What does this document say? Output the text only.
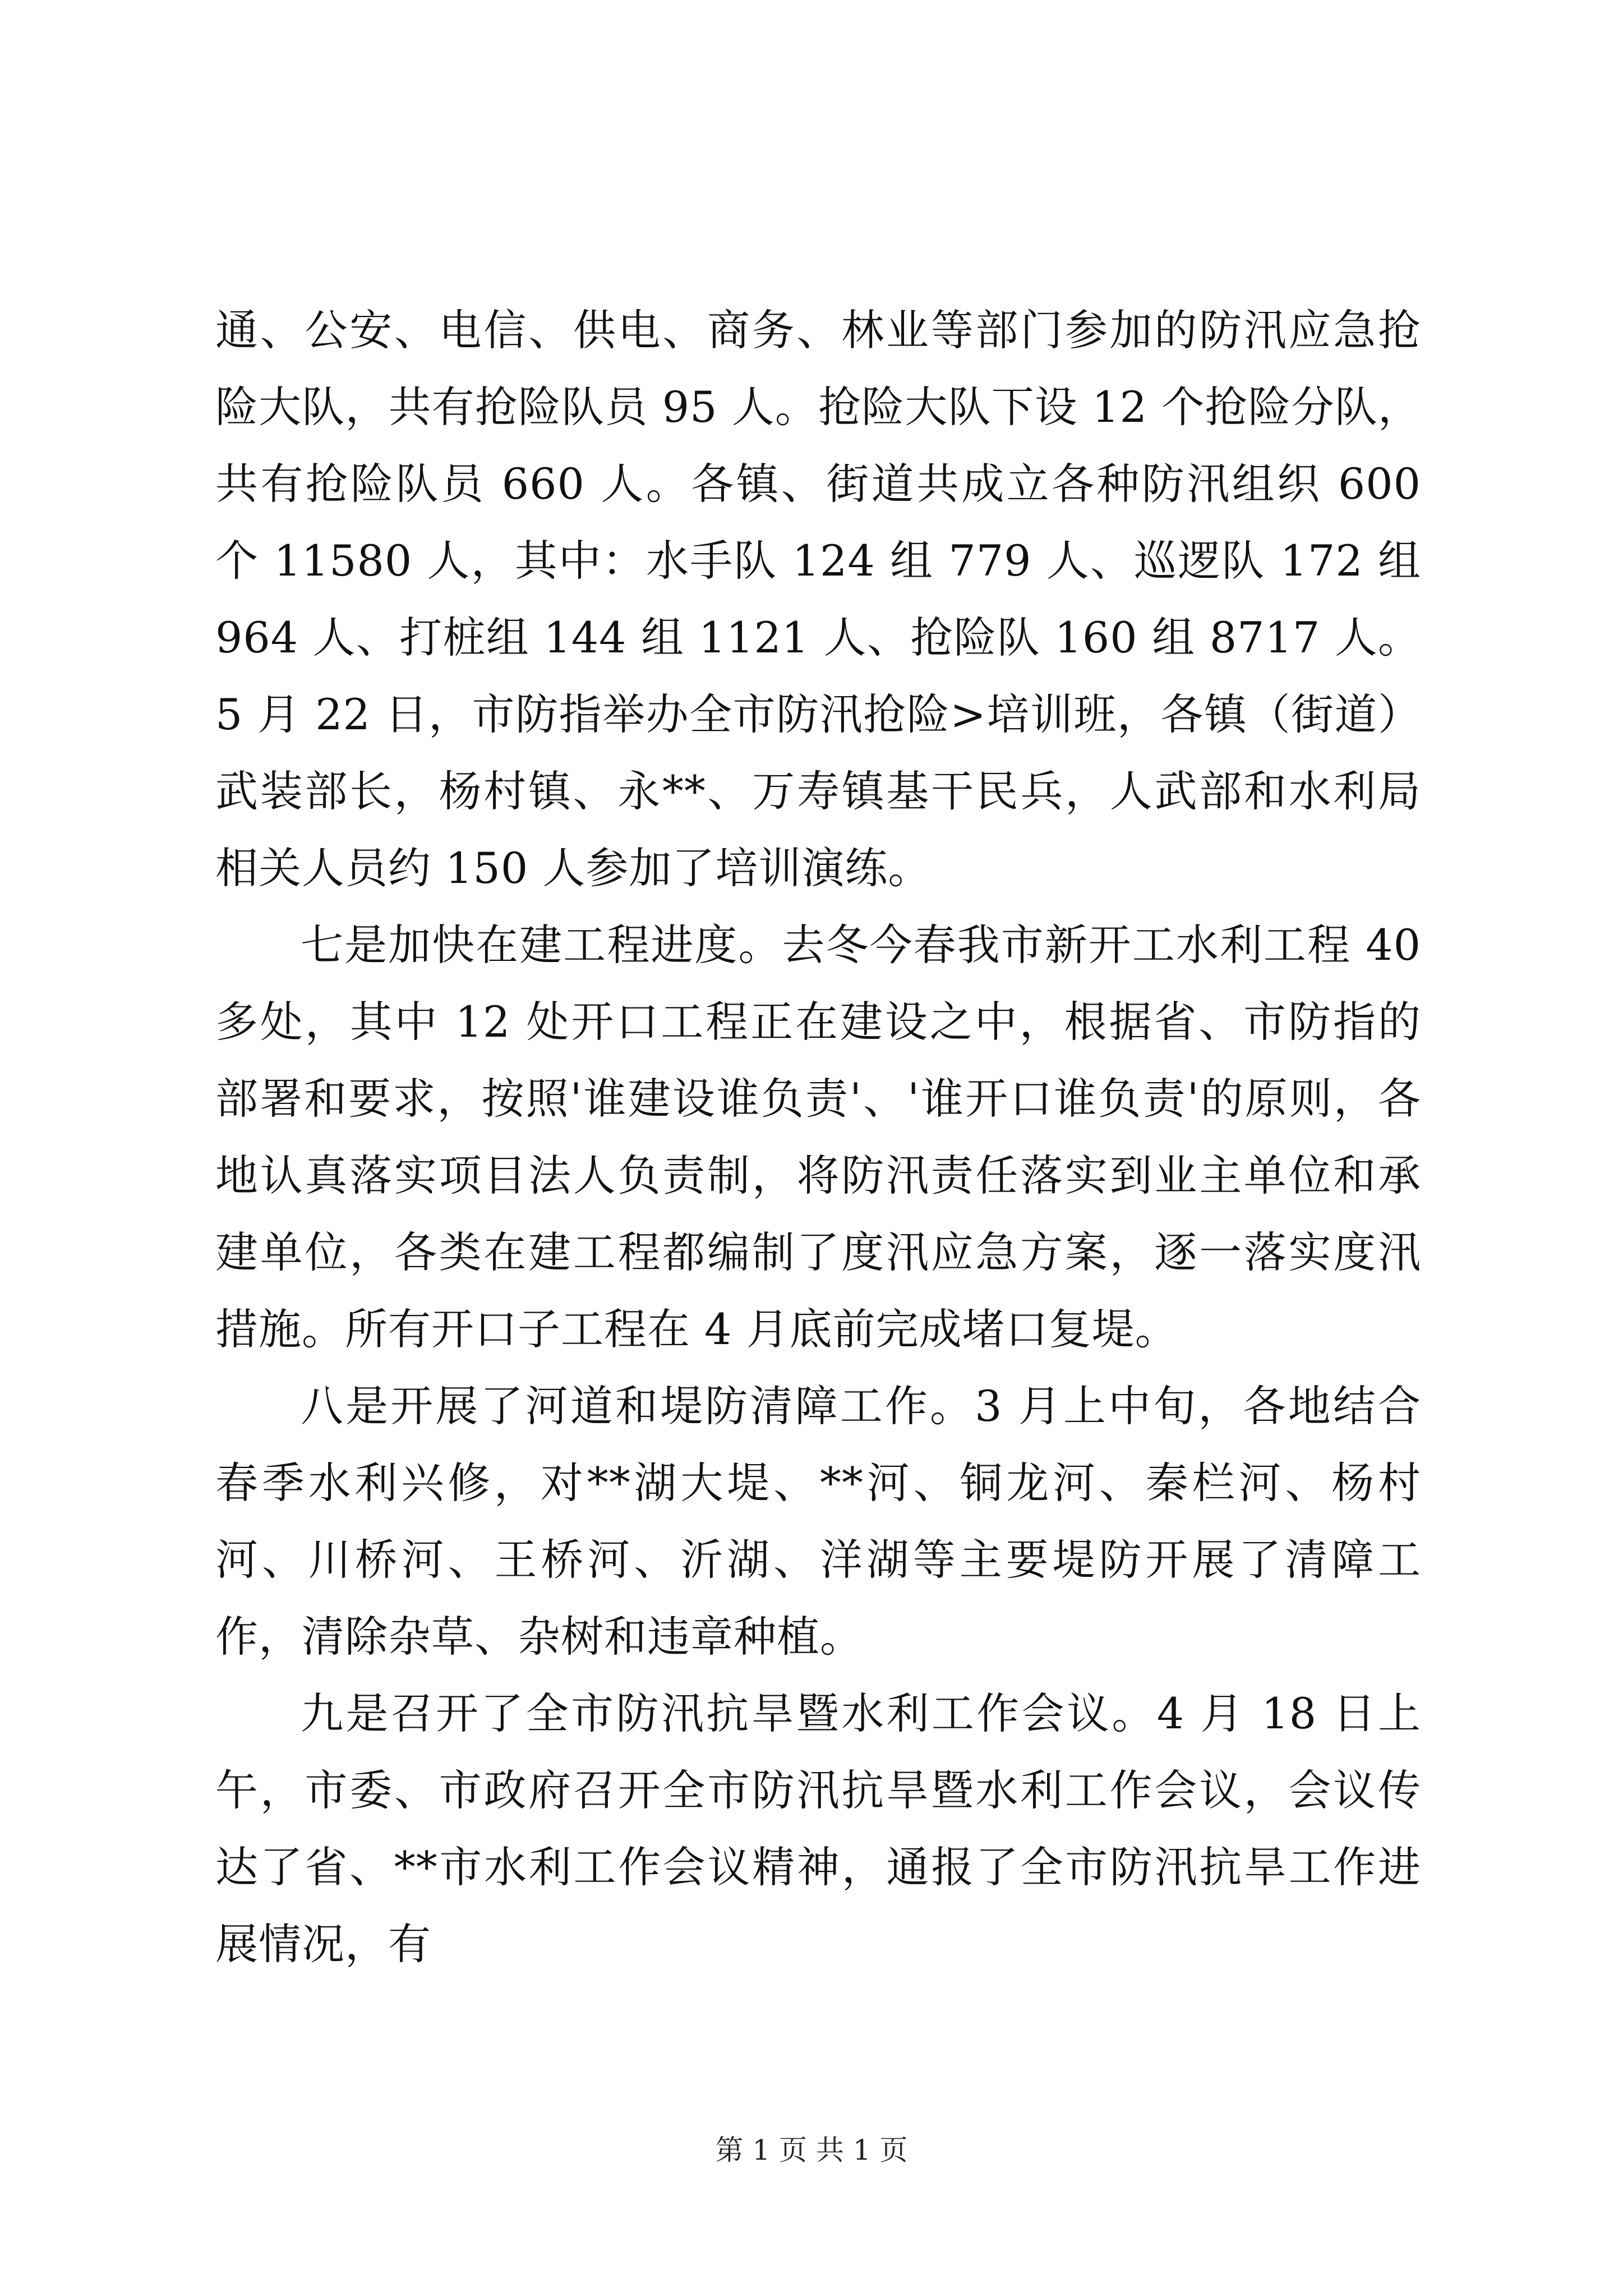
通、公安、电信、供电、商务、林业等部门参加的防汛应急抢险大队，共有抢险队员 95 人。抢险大队下设 12 个抢险分队，共有抢险队员 660 人。各镇、街道共成立各种防汛组织 600 个 11580 人，其中：水手队 124 组 779 人、巡逻队 172 组 964 人、打桩组 144 组 1121 人、抢险队 160 组 8717 人。5 月 22 日，市防指举办全市防汛抢险>培训班，各镇（街道）武装部长，杨村镇、永**、万寿镇基干民兵，人武部和水利局相关人员约 150 人参加了培训演练。

七是加快在建工程进度。去冬今春我市新开工水利工程 40 多处，其中 12 处开口工程正在建设之中，根据省、市防指的部署和要求，按照'谁建设谁负责'、'谁开口谁负责'的原则，各地认真落实项目法人负责制，将防汛责任落实到业主单位和承建单位，各类在建工程都编制了度汛应急方案，逐一落实度汛措施。所有开口子工程在 4 月底前完成堵口复堤。

八是开展了河道和堤防清障工作。3 月上中旬，各地结合春季水利兴修，对**湖大堤、**河、铜龙河、秦栏河、杨村河、川桥河、王桥河、沂湖、洋湖等主要堤防开展了清障工作，清除杂草、杂树和违章种植。

九是召开了全市防汛抗旱暨水利工作会议。4 月 18 日上午，市委、市政府召开全市防汛抗旱暨水利工作会议，会议传达了省、**市水利工作会议精神，通报了全市防汛抗旱工作进展情况，有

第 1 页 共 1 页
